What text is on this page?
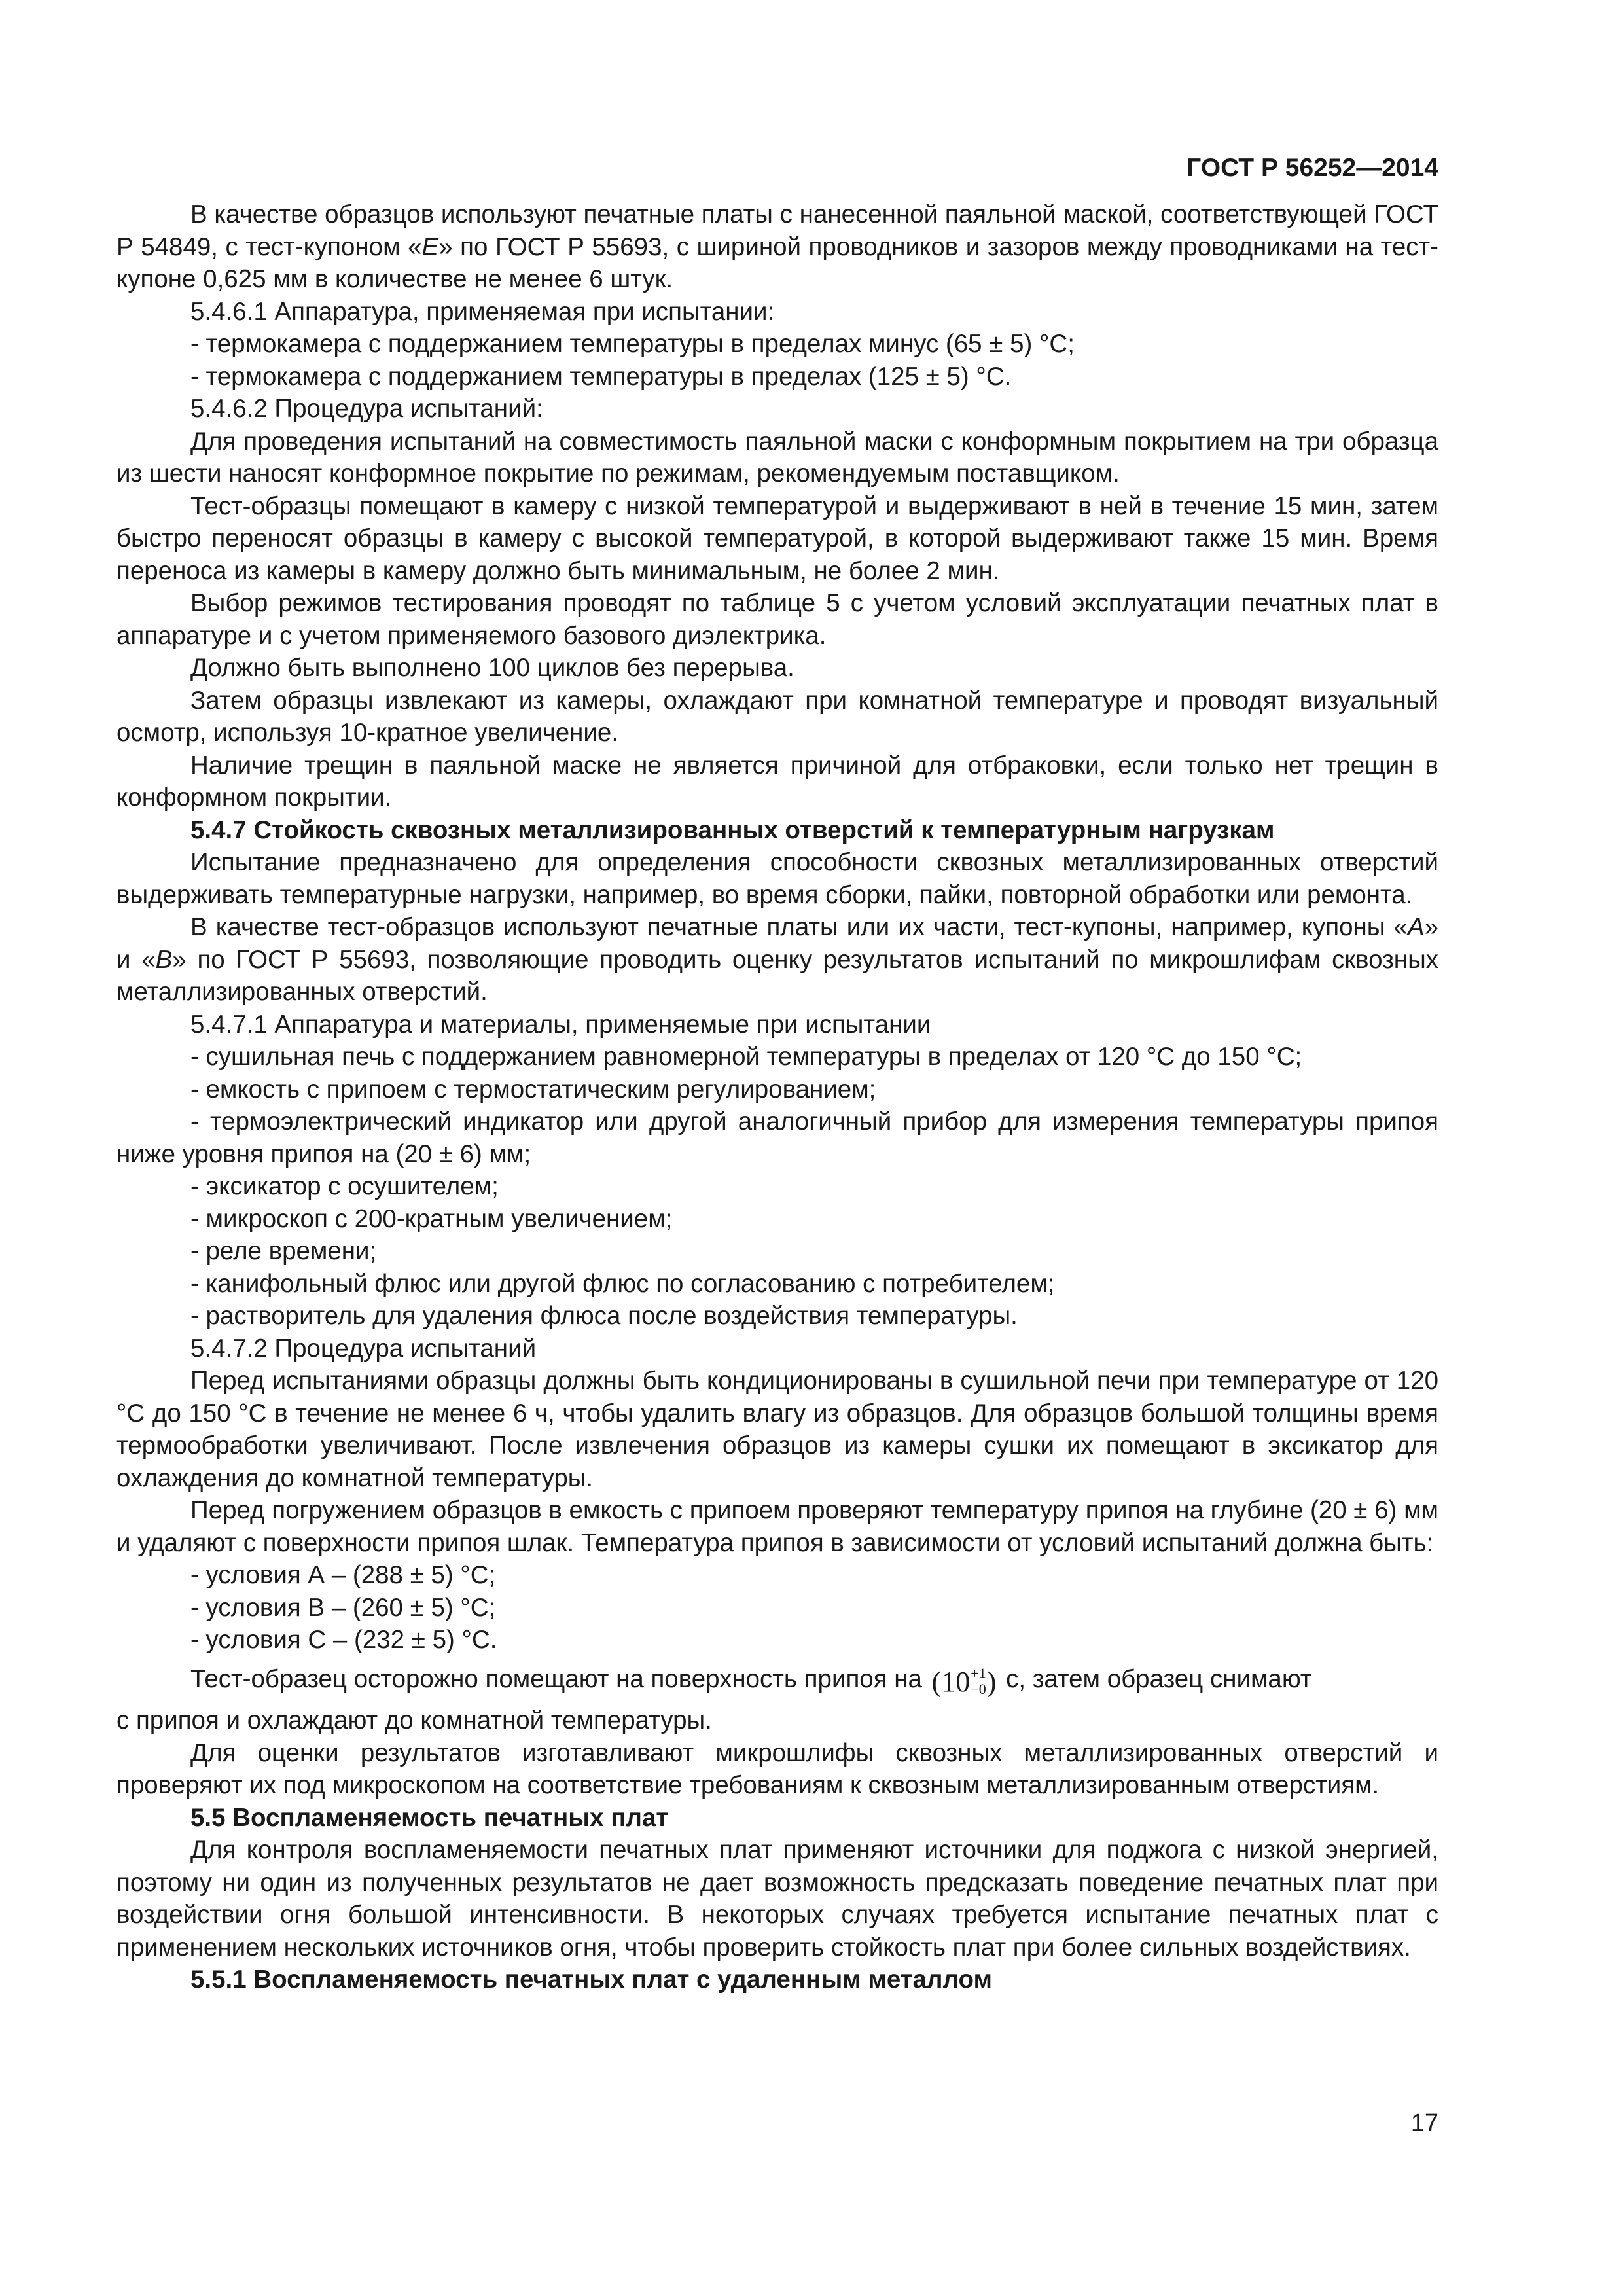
ГОСТ Р 56252—2014

В качестве образцов используют печатные платы с нанесенной паяльной маской, соответствующей ГОСТ Р 54849, с тест-купоном «Е» по ГОСТ Р 55693, с шириной проводников и зазоров между проводниками на тест-купоне 0,625 мм в количестве не менее 6 штук.

5.4.6.1 Аппаратура, применяемая при испытании:

- термокамера с поддержанием температуры в пределах минус (65 ± 5) °С;

- термокамера с поддержанием температуры в пределах (125 ± 5) °С.

5.4.6.2 Процедура испытаний:

Для проведения испытаний на совместимость паяльной маски с конформным покрытием на три образца из шести наносят конформное покрытие по режимам, рекомендуемым поставщиком.

Тест-образцы помещают в камеру с низкой температурой и выдерживают в ней в течение 15 мин, затем быстро переносят образцы в камеру с высокой температурой, в которой выдерживают также 15 мин. Время переноса из камеры в камеру должно быть минимальным, не более 2 мин.

Выбор режимов тестирования проводят по таблице 5 с учетом условий эксплуатации печатных плат в аппаратуре и с учетом применяемого базового диэлектрика.

Должно быть выполнено 100 циклов без перерыва.

Затем образцы извлекают из камеры, охлаждают при комнатной температуре и проводят визуальный осмотр, используя 10-кратное увеличение.

Наличие трещин в паяльной маске не является причиной для отбраковки, если только нет трещин в конформном покрытии.

5.4.7 Стойкость сквозных металлизированных отверстий к температурным нагрузкам

Испытание предназначено для определения способности сквозных металлизированных отверстий выдерживать температурные нагрузки, например, во время сборки, пайки, повторной обработки или ремонта.

В качестве тест-образцов используют печатные платы или их части, тест-купоны, например, купоны «А» и «В» по ГОСТ Р 55693, позволяющие проводить оценку результатов испытаний по микрошлифам сквозных металлизированных отверстий.

5.4.7.1 Аппаратура и материалы, применяемые при испытании

- сушильная печь с поддержанием равномерной температуры в пределах от 120 °С до 150 °С;

- емкость с припоем с термостатическим регулированием;

- термоэлектрический индикатор или другой аналогичный прибор для измерения температуры припоя ниже уровня припоя на (20 ± 6) мм;

- эксикатор с осушителем;

- микроскоп с 200-кратным увеличением;

- реле времени;

- канифольный флюс или другой флюс по согласованию с потребителем;

- растворитель для удаления флюса после воздействия температуры.

5.4.7.2 Процедура испытаний

Перед испытаниями образцы должны быть кондиционированы в сушильной печи при температуре от 120 °С до 150 °С в течение не менее 6 ч, чтобы удалить влагу из образцов. Для образцов большой толщины время термообработки увеличивают. После извлечения образцов из камеры сушки их помещают в эксикатор для охлаждения до комнатной температуры.

Перед погружением образцов в емкость с припоем проверяют температуру припоя на глубине (20 ± 6) мм и удаляют с поверхности припоя шлак. Температура припоя в зависимости от условий испытаний должна быть:

- условия А – (288 ± 5) °С;

- условия В – (260 ± 5) °С;

- условия С – (232 ± 5) °С.

Тест-образец осторожно помещают на поверхность припоя на (10 +1
−0 ) с, затем образец снимают

с припоя и охлаждают до комнатной температуры.

Для оценки результатов изготавливают микрошлифы сквозных металлизированных отверстий и проверяют их под микроскопом на соответствие требованиям к сквозным металлизированным отверстиям.

5.5 Воспламеняемость печатных плат

Для контроля воспламеняемости печатных плат применяют источники для поджога с низкой энергией, поэтому ни один из полученных результатов не дает возможность предсказать поведение печатных плат при воздействии огня большой интенсивности. В некоторых случаях требуется испытание печатных плат с применением нескольких источников огня, чтобы проверить стойкость плат при более сильных воздействиях.

5.5.1 Воспламеняемость печатных плат с удаленным металлом

17
